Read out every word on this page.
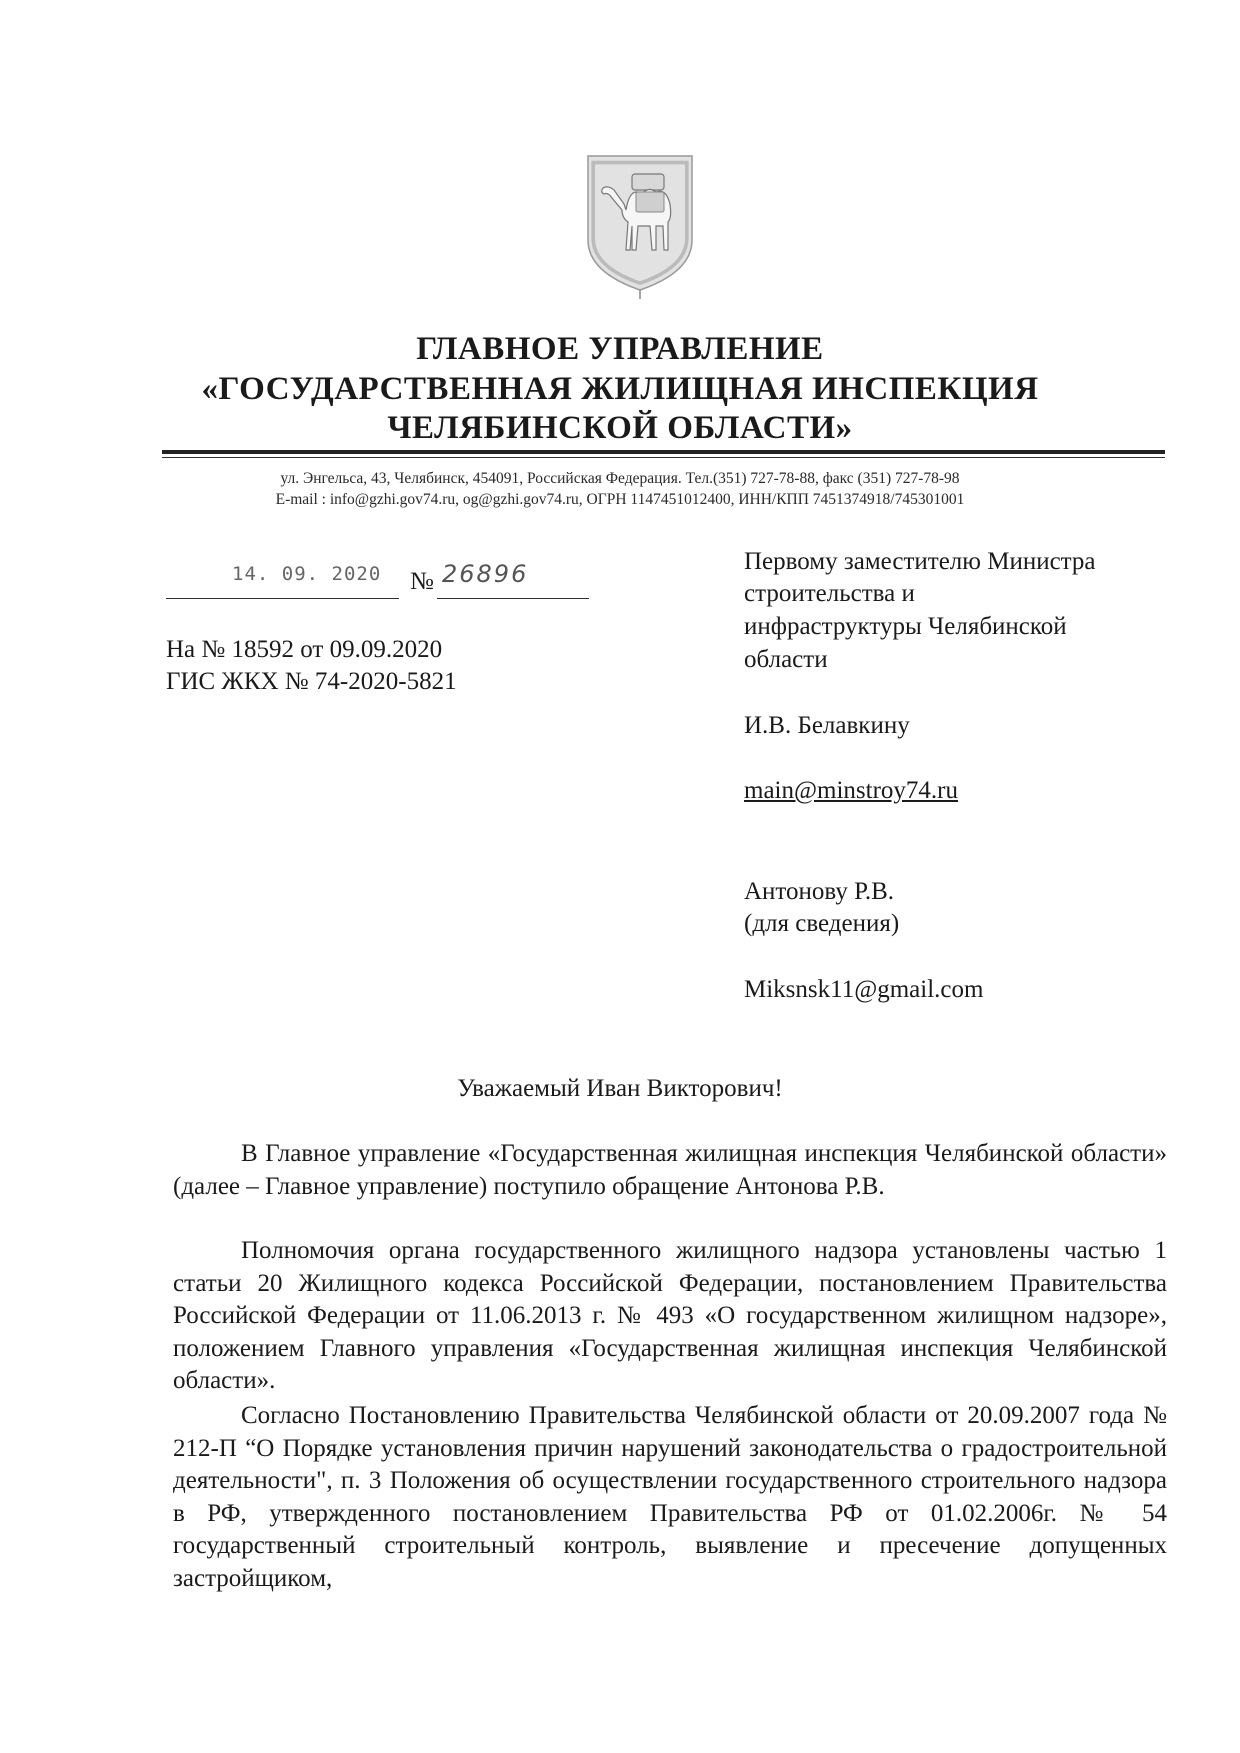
ГЛАВНОЕ УПРАВЛЕНИЕ
«ГОСУДАРСТВЕННАЯ ЖИЛИЩНАЯ ИНСПЕКЦИЯ
ЧЕЛЯБИНСКОЙ ОБЛАСТИ»
ул. Энгельса, 43, Челябинск, 454091, Российская Федерация. Тел.(351) 727-78-88, факс (351) 727-78-98
E-mail : info@gzhi.gov74.ru, og@gzhi.gov74.ru, ОГРН 1147451012400, ИНН/КПП 7451374918/745301001
14. 09. 2020	№ 26896
На № 18592 от 09.09.2020
ГИС ЖКХ № 74-2020-5821
Первому заместителю Министра
строительства и
инфраструктуры Челябинской
области
И.В. Белавкину
main@minstroy74.ru
Антонову Р.В.
(для сведения)
Miksnsk11@gmail.com
Уважаемый Иван Викторович!

В Главное управление «Государственная жилищная инспекция Челябинской области» (далее – Главное управление) поступило обращение Антонова Р.В.

Полномочия органа государственного жилищного надзора установлены частью 1 статьи 20 Жилищного кодекса Российской Федерации, постановлением Правительства Российской Федерации от 11.06.2013 г. № 493 «О государственном жилищном надзоре», положением Главного управления «Государственная жилищная инспекция Челябинской области».

Согласно Постановлению Правительства Челябинской области от 20.09.2007 года № 212-П “О Порядке установления причин нарушений законодательства о градостроительной деятельности", п. 3 Положения об осуществлении государственного строительного надзора в РФ, утвержденного постановлением Правительства РФ от 01.02.2006г. № 54 государственный строительный контроль, выявление и пресечение допущенных застройщиком,
